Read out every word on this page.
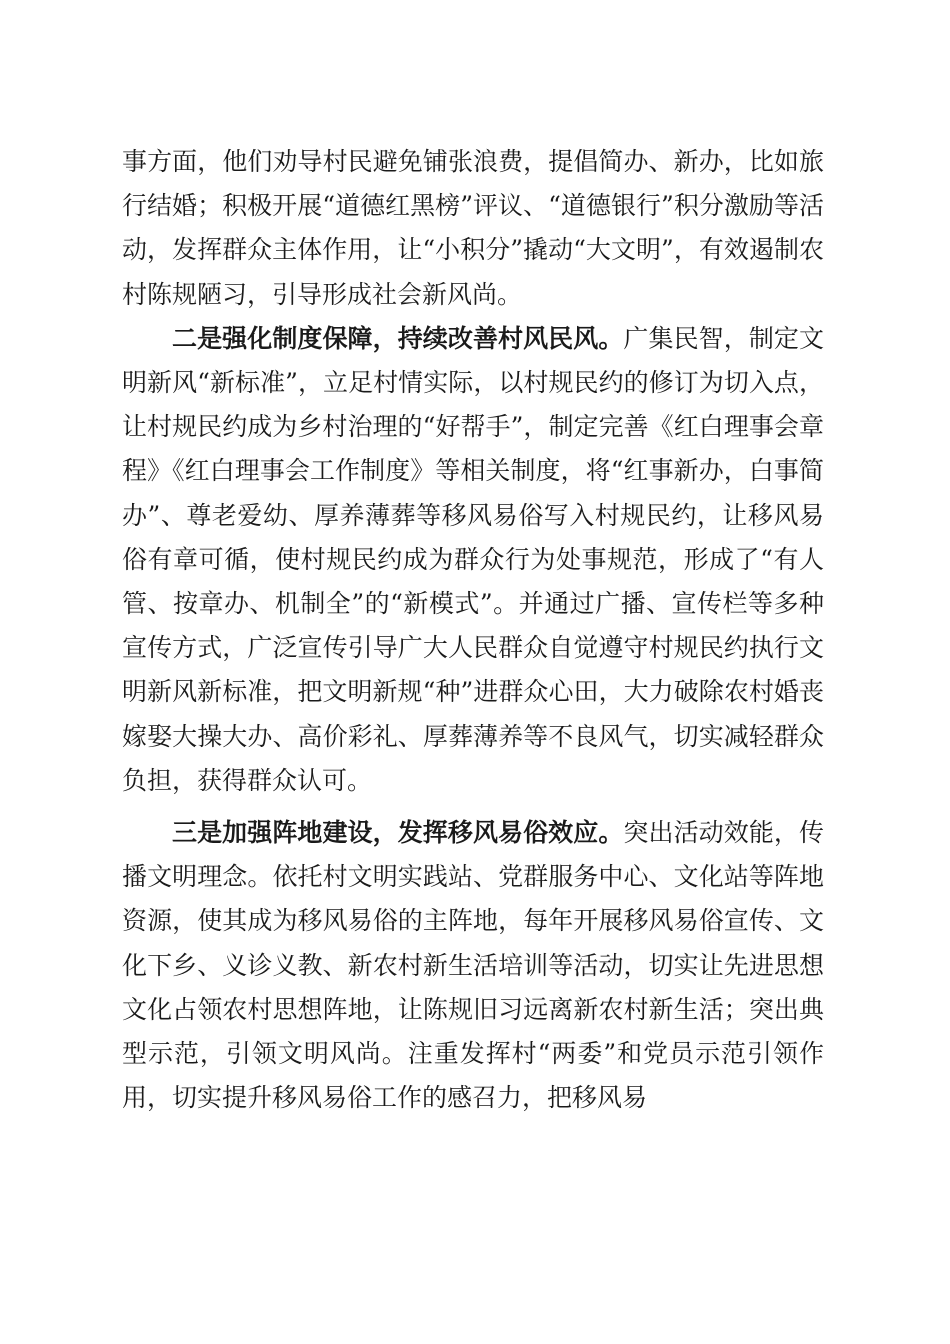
事方面，他们劝导村民避免铺张浪费，提倡简办、新办，比如旅行结婚；积极开展“道德红黑榜”评议、“道德银行”积分激励等活动，发挥群众主体作用，让“小积分”撬动“大文明”，有效遏制农村陈规陋习，引导形成社会新风尚。

二是强化制度保障，持续改善村风民风。广集民智，制定文明新风“新标准”，立足村情实际，以村规民约的修订为切入点，让村规民约成为乡村治理的“好帮手”，制定完善《红白理事会章程》《红白理事会工作制度》等相关制度，将“红事新办，白事简办”、尊老爱幼、厚养薄葬等移风易俗写入村规民约，让移风易俗有章可循，使村规民约成为群众行为处事规范，形成了“有人管、按章办、机制全”的“新模式”。并通过广播、宣传栏等多种宣传方式，广泛宣传引导广大人民群众自觉遵守村规民约执行文明新风新标准，把文明新规“种”进群众心田，大力破除农村婚丧嫁娶大操大办、高价彩礼、厚葬薄养等不良风气，切实减轻群众负担，获得群众认可。

三是加强阵地建设，发挥移风易俗效应。突出活动效能，传播文明理念。依托村文明实践站、党群服务中心、文化站等阵地资源，使其成为移风易俗的主阵地，每年开展移风易俗宣传、文化下乡、义诊义教、新农村新生活培训等活动，切实让先进思想文化占领农村思想阵地，让陈规旧习远离新农村新生活；突出典型示范，引领文明风尚。注重发挥村“两委”和党员示范引领作用，切实提升移风易俗工作的感召力，把移风易
